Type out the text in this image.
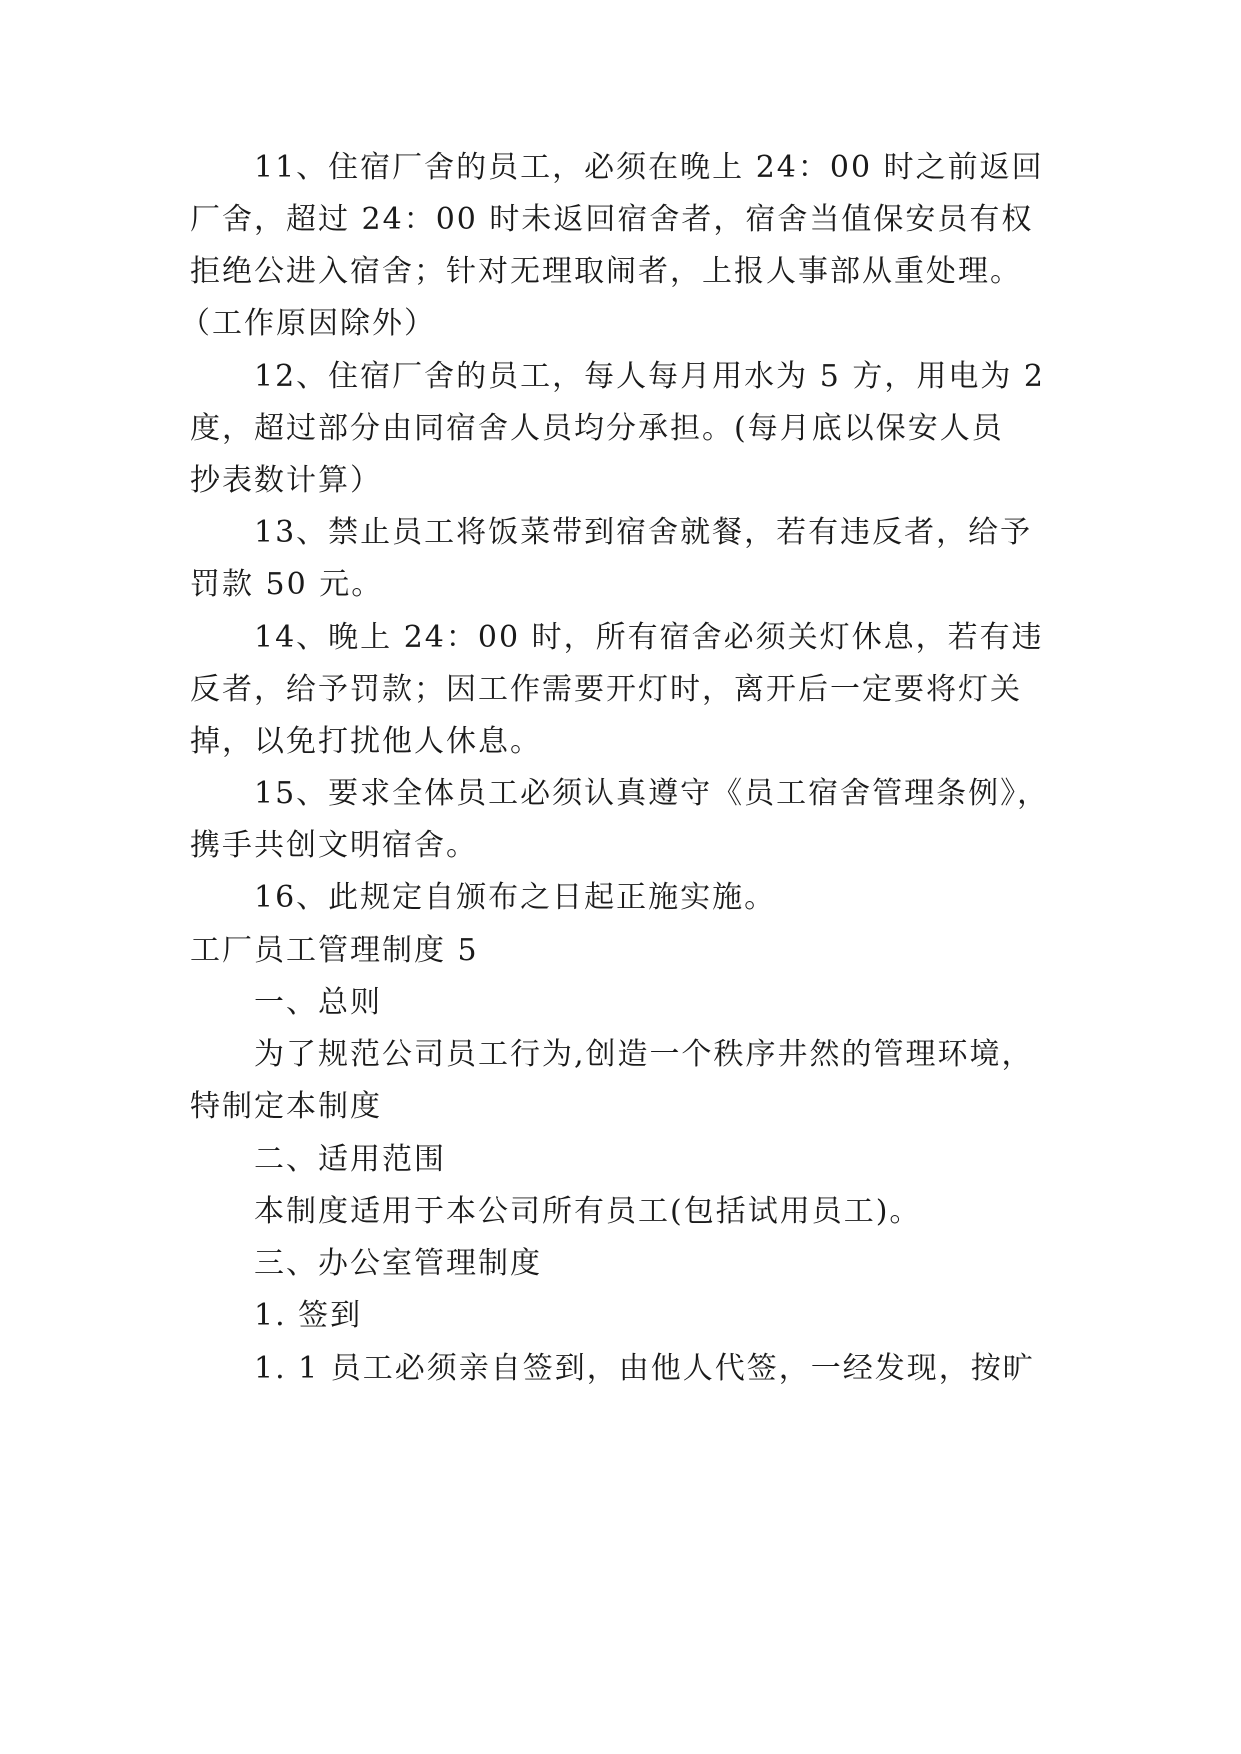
11、住宿厂舍的员工，必须在晚上 24：00 时之前返回
厂舍，超过 24：00 时未返回宿舍者，宿舍当值保安员有权
拒绝公进入宿舍；针对无理取闹者，上报人事部从重处理。
（工作原因除外）
12、住宿厂舍的员工，每人每月用水为 5 方，用电为 2
度，超过部分由同宿舍人员均分承担。(每月底以保安人员
抄表数计算）
13、禁止员工将饭菜带到宿舍就餐，若有违反者，给予
罚款 50 元。
14、晚上 24：00 时，所有宿舍必须关灯休息，若有违
反者，给予罚款；因工作需要开灯时，离开后一定要将灯关
掉，以免打扰他人休息。
15、要求全体员工必须认真遵守《员工宿舍管理条例》，
携手共创文明宿舍。
16、此规定自颁布之日起正施实施。
工厂员工管理制度 5
一、总则
为了规范公司员工行为,创造一个秩序井然的管理环境，
特制定本制度
二、适用范围
本制度适用于本公司所有员工(包括试用员工)。
三、办公室管理制度
1. 签到
1. 1 员工必须亲自签到，由他人代签，一经发现，按旷
